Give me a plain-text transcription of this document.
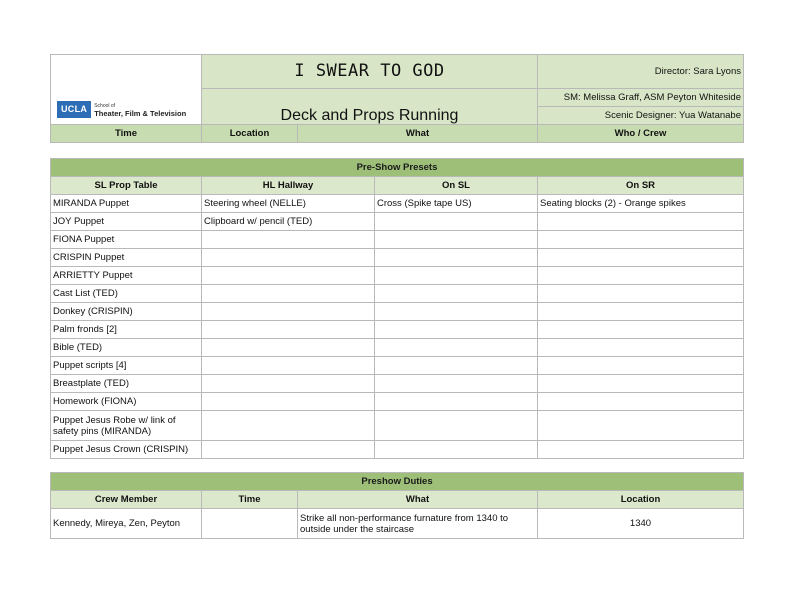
UCLA School of
Theater, Film & Television	I SWEAR TO GOD			Director: Sara Lyons
	Deck and Props Running			SM: Melissa Graff, ASM Peyton Whiteside
				Scenic Designer: Yua Watanabe
Time	Location	What		Who / Crew

Pre-Show Presets				
SL Prop Table	HL Hallway		On SL	On SR
MIRANDA Puppet	Steering wheel (NELLE)		Cross (Spike tape US)	Seating blocks (2) - Orange spikes
JOY Puppet	Clipboard w/ pencil (TED)			
FIONA Puppet				
CRISPIN Puppet				
ARRIETTY Puppet				
Cast List (TED)				
Donkey (CRISPIN)				
Palm fronds [2]				
Bible (TED)				
Puppet scripts [4]				
Breastplate (TED)				
Homework (FIONA)				
Puppet Jesus Robe w/ link of safety pins (MIRANDA)				
Puppet Jesus Crown (CRISPIN)				

Preshow Duties				
Crew Member	Time	What		Location
Kennedy, Mireya, Zen, Peyton		Strike all non-performance furnature from 1340 to outside under the staircase		1340
